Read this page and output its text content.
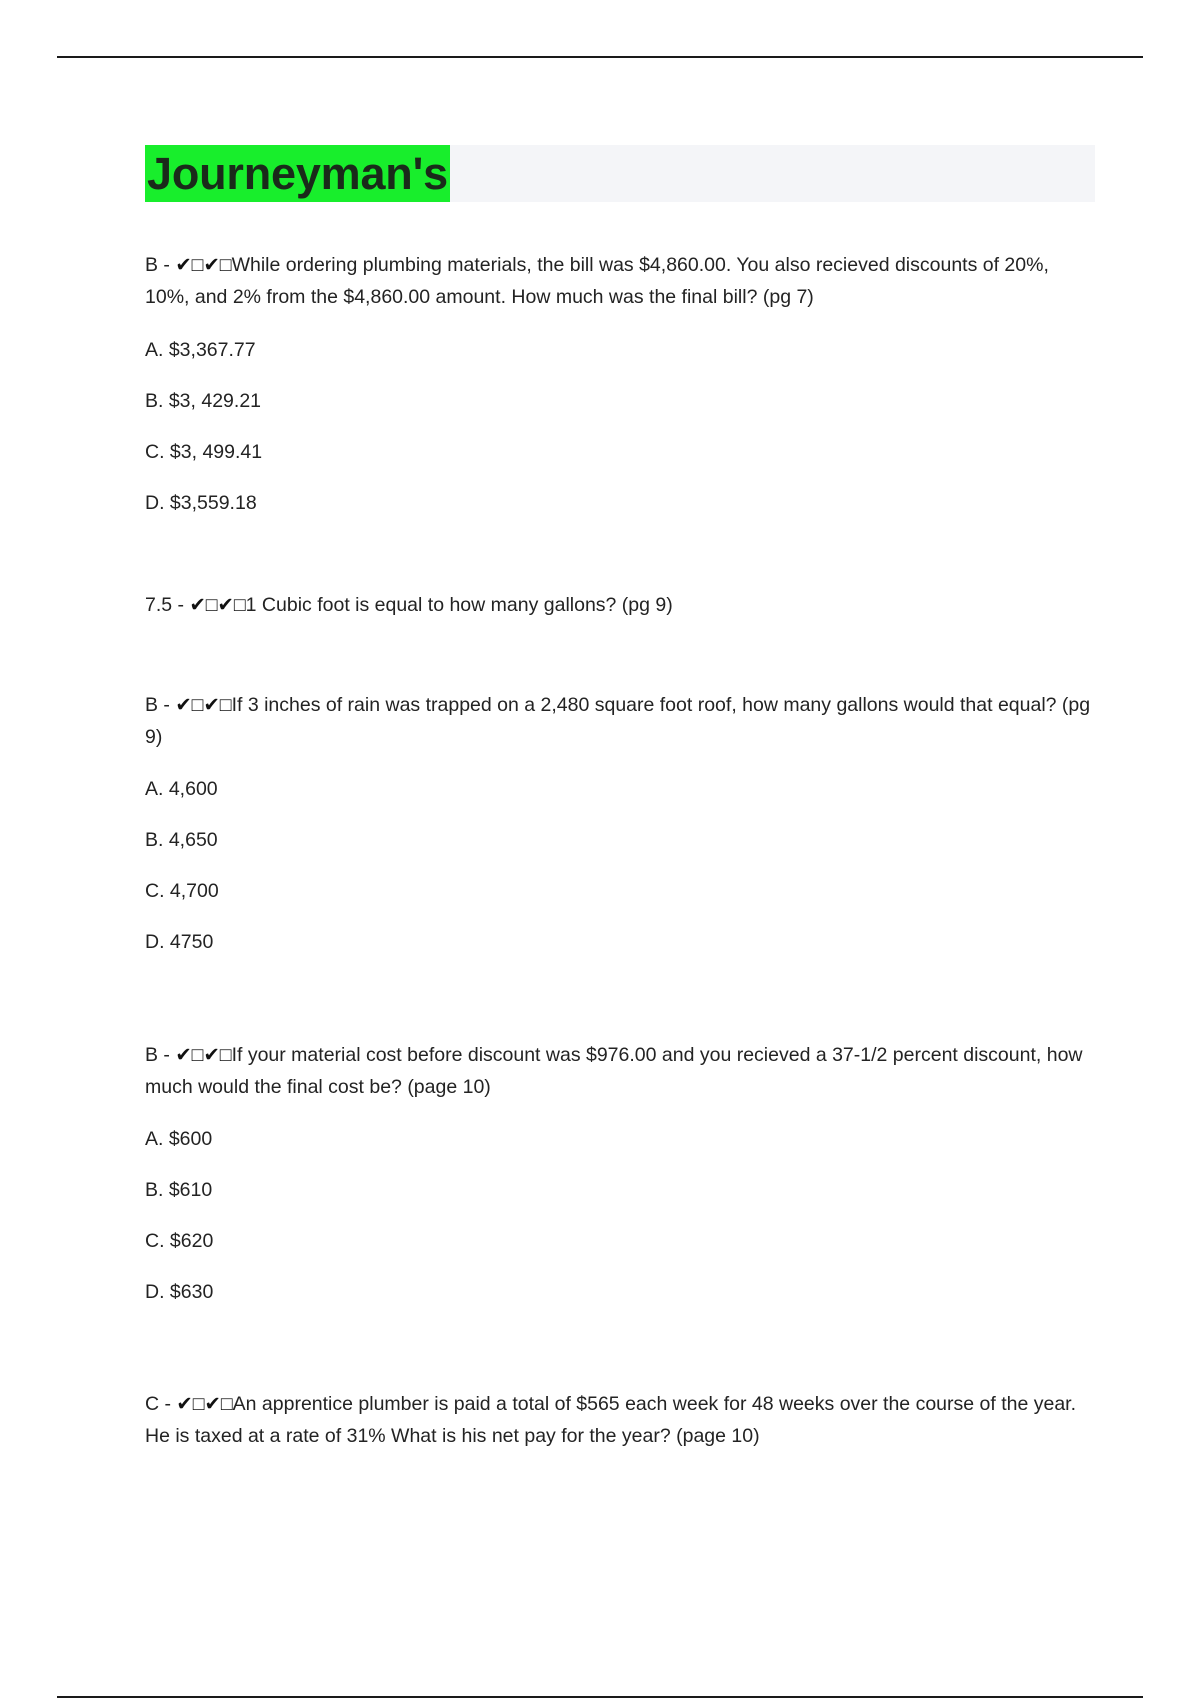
Journeyman's
B - ✔□✔□While ordering plumbing materials, the bill was $4,860.00. You also recieved discounts of 20%, 10%, and 2% from the $4,860.00 amount. How much was the final bill? (pg 7)
A. $3,367.77
B. $3, 429.21
C. $3, 499.41
D. $3,559.18
7.5 - ✔□✔□1 Cubic foot is equal to how many gallons? (pg 9)
B - ✔□✔□If 3 inches of rain was trapped on a 2,480 square foot roof, how many gallons would that equal? (pg 9)
A. 4,600
B. 4,650
C. 4,700
D. 4750
B - ✔□✔□If your material cost before discount was $976.00 and you recieved a 37-1/2 percent discount, how much would the final cost be? (page 10)
A. $600
B. $610
C. $620
D. $630
C - ✔□✔□An apprentice plumber is paid a total of $565 each week for 48 weeks over the course of the year. He is taxed at a rate of 31% What is his net pay for the year? (page 10)
